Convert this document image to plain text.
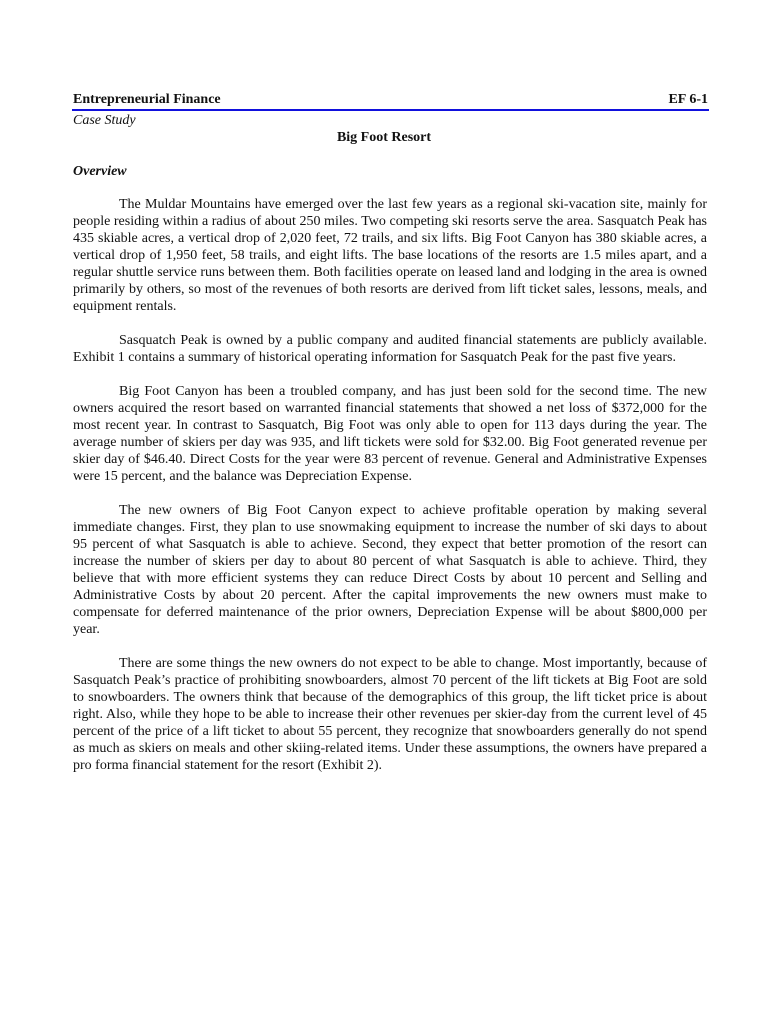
Entrepreneurial Finance	EF 6-1
Case Study
Big Foot Resort
Overview

The Muldar Mountains have emerged over the last few years as a regional ski-vacation site, mainly for people residing within a radius of about 250 miles. Two competing ski resorts serve the area. Sasquatch Peak has 435 skiable acres, a vertical drop of 2,020 feet, 72 trails, and six lifts. Big Foot Canyon has 380 skiable acres, a vertical drop of 1,950 feet, 58 trails, and eight lifts. The base locations of the resorts are 1.5 miles apart, and a regular shuttle service runs between them. Both facilities operate on leased land and lodging in the area is owned primarily by others, so most of the revenues of both resorts are derived from lift ticket sales, lessons, meals, and equipment rentals.

Sasquatch Peak is owned by a public company and audited financial statements are publicly available. Exhibit 1 contains a summary of historical operating information for Sasquatch Peak for the past five years.

Big Foot Canyon has been a troubled company, and has just been sold for the second time. The new owners acquired the resort based on warranted financial statements that showed a net loss of $372,000 for the most recent year. In contrast to Sasquatch, Big Foot was only able to open for 113 days during the year. The average number of skiers per day was 935, and lift tickets were sold for $32.00. Big Foot generated revenue per skier day of $46.40. Direct Costs for the year were 83 percent of revenue. General and Administrative Expenses were 15 percent, and the balance was Depreciation Expense.

The new owners of Big Foot Canyon expect to achieve profitable operation by making several immediate changes. First, they plan to use snowmaking equipment to increase the number of ski days to about 95 percent of what Sasquatch is able to achieve. Second, they expect that better promotion of the resort can increase the number of skiers per day to about 80 percent of what Sasquatch is able to achieve. Third, they believe that with more efficient systems they can reduce Direct Costs by about 10 percent and Selling and Administrative Costs by about 20 percent. After the capital improvements the new owners must make to compensate for deferred maintenance of the prior owners, Depreciation Expense will be about $800,000 per year.

There are some things the new owners do not expect to be able to change. Most importantly, because of Sasquatch Peak’s practice of prohibiting snowboarders, almost 70 percent of the lift tickets at Big Foot are sold to snowboarders. The owners think that because of the demographics of this group, the lift ticket price is about right. Also, while they hope to be able to increase their other revenues per skier-day from the current level of 45 percent of the price of a lift ticket to about 55 percent, they recognize that snowboarders generally do not spend as much as skiers on meals and other skiing-related items. Under these assumptions, the owners have prepared a pro forma financial statement for the resort (Exhibit 2).
